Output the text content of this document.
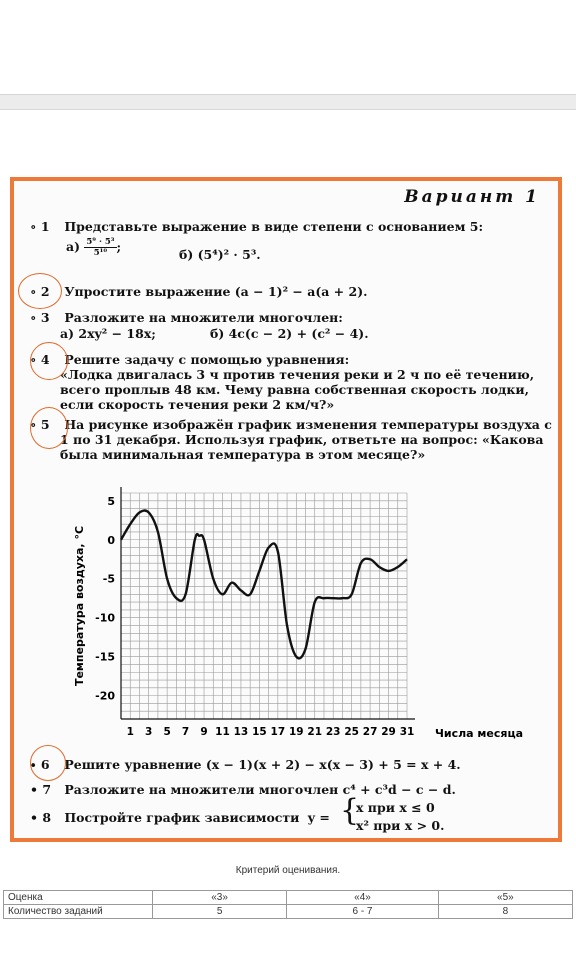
Вариант 1
∘ 1 Представьте выражение в виде степени с основанием 5:
$а) \frac{\text{5⁹ · 5³}}{\text{5¹⁰}}$;
б) (5⁴)² · 5³.
∘ 2 Упростите выражение (a − 1)² − a(a + 2).
∘ 3 Разложите на множители многочлен:
а) 2xy² − 18x;	б) 4c(c − 2) + (c² − 4).
∘ 4 Решите задачу с помощью уравнения:
«Лодка двигалась 3 ч против течения реки и 2 ч по её течению,
всего проплыв 48 км. Чему равна собственная скорость лодки,
если скорость течения реки 2 км/ч?»
∘ 5 На рисунке изображён график изменения температуры воздуха с
1 по 31 декабря. Используя график, ответьте на вопрос: «Какова
была минимальная температура в этом месяце?»
5
0
-5
-10
-15
-20
1 3 5 7 9 11 13 15 17 19 21 23 25 27 29 31 Числа месяца
Температура воздуха, °С
∙ 6 Решите уравнение (x − 1)(x + 2) − x(x − 3) + 5 = x + 4.
• 7 Разложите на множители многочлен c⁴ + c³d − c − d.
• 8 Постройте график зависимости y = {
x при x ≤ 0
x² при x > 0.
Критерий оценивания.
Оценка	«3»	«4»	«5»
Количество заданий	5	6 - 7	8
